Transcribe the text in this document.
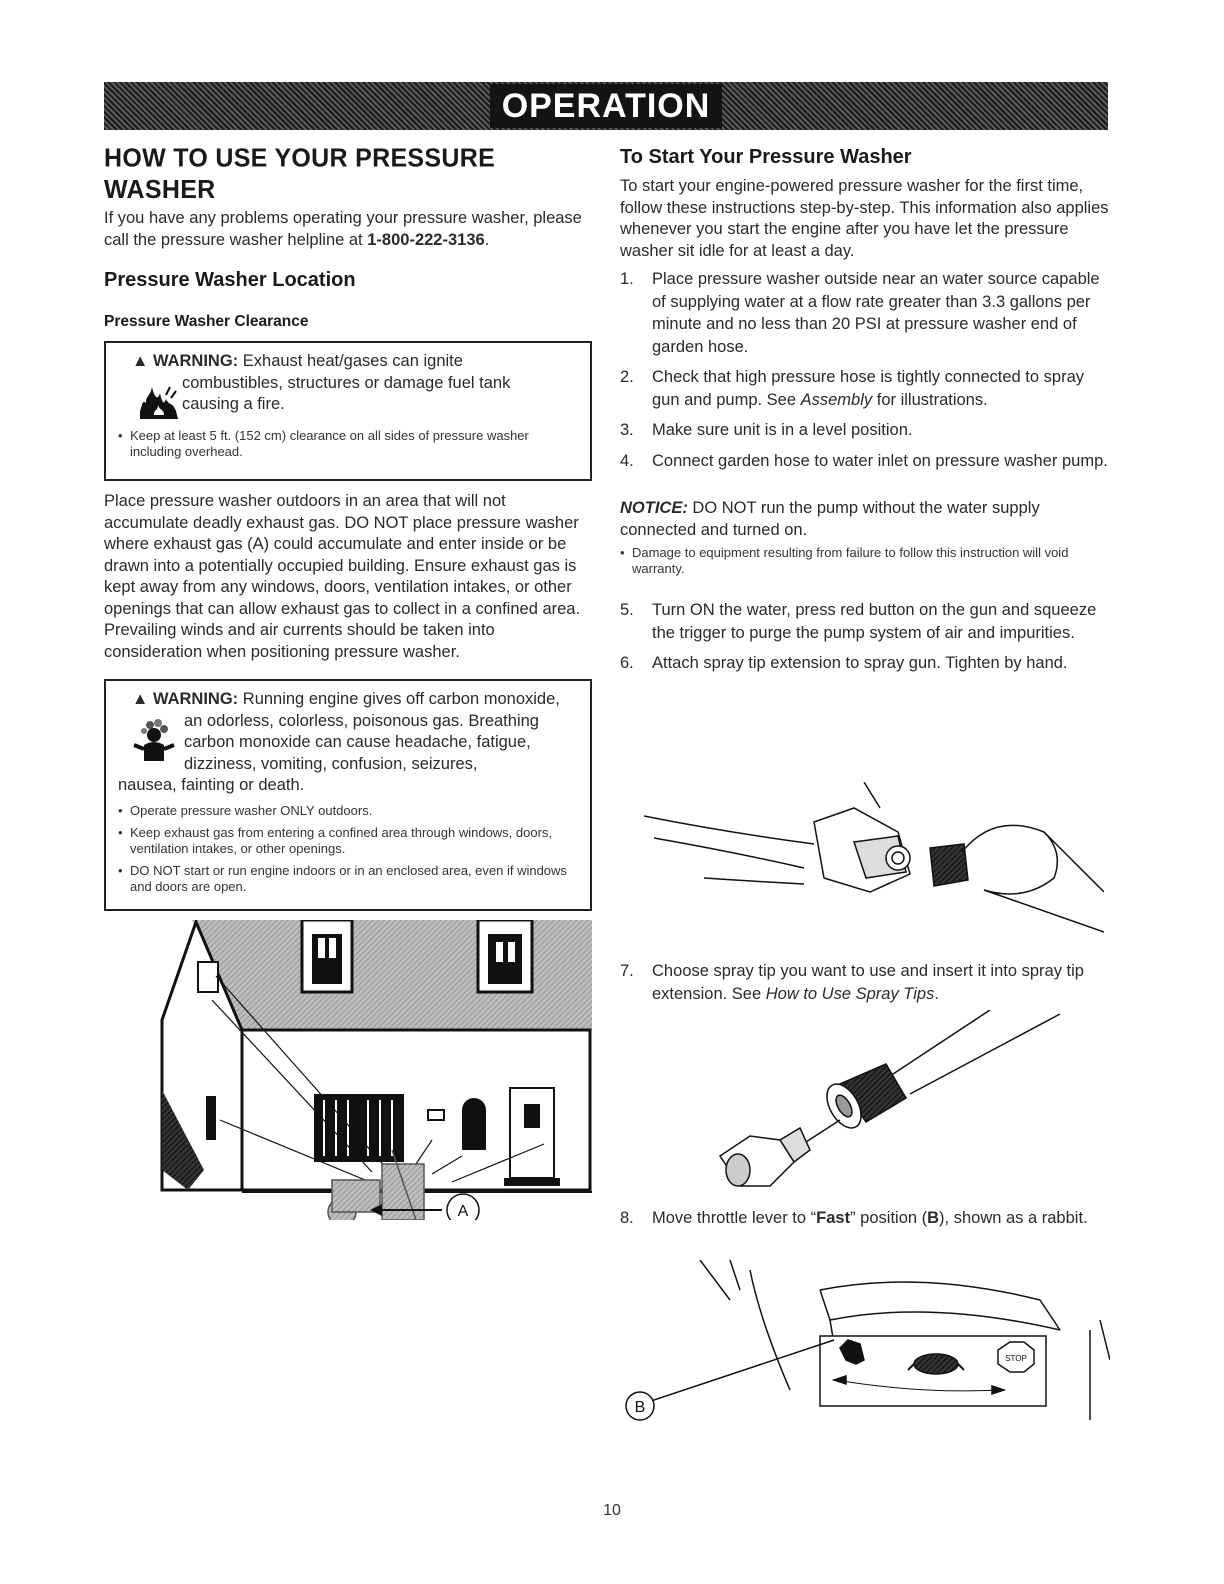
OPERATION
HOW TO USE YOUR PRESSURE WASHER

If you have any problems operating your pressure washer, please call the pressure washer helpline at 1-800-222-3136.

Pressure Washer Location
Pressure Washer Clearance
▲ WARNING: Exhaust heat/gases can ignite
combustibles, structures or damage fuel tank causing a fire.
• Keep at least 5 ft. (152 cm) clearance on all sides of pressure washer including overhead.

Place pressure washer outdoors in an area that will not accumulate deadly exhaust gas. DO NOT place pressure washer where exhaust gas (A) could accumulate and enter inside or be drawn into a potentially occupied building. Ensure exhaust gas is kept away from any windows, doors, ventilation intakes, or other openings that can allow exhaust gas to collect in a confined area. Prevailing winds and air currents should be taken into consideration when positioning pressure washer.

▲ WARNING: Running engine gives off carbon monoxide,
an odorless, colorless, poisonous gas. Breathing carbon monoxide can cause headache, fatigue, dizziness, vomiting, confusion, seizures,
nausea, fainting or death.
• Operate pressure washer ONLY outdoors.
• Keep exhaust gas from entering a confined area through windows, doors, ventilation intakes, or other openings.
• DO NOT start or run engine indoors or in an enclosed area, even if windows and doors are open.
A
To Start Your Pressure Washer

To start your engine-powered pressure washer for the first time, follow these instructions step-by-step. This information also applies whenever you start the engine after you have let the pressure washer sit idle for at least a day.

1.	Place pressure washer outside near an water source capable of supplying water at a flow rate greater than 3.3 gallons per minute and no less than 20 PSI at pressure washer end of garden hose.
2.	Check that high pressure hose is tightly connected to spray gun and pump. See Assembly for illustrations.
3.	Make sure unit is in a level position.
4.	Connect garden hose to water inlet on pressure washer pump.

NOTICE: DO NOT run the pump without the water supply connected and turned on.

• Damage to equipment resulting from failure to follow this instruction will void warranty.
5.	Turn ON the water, press red button on the gun and squeeze the trigger to purge the pump system of air and impurities.
6.	Attach spray tip extension to spray gun. Tighten by hand.
7.	Choose spray tip you want to use and insert it into spray tip extension. See How to Use Spray Tips.

8. Move throttle lever to “Fast” position (B), shown as a rabbit.

STOP
B
10
